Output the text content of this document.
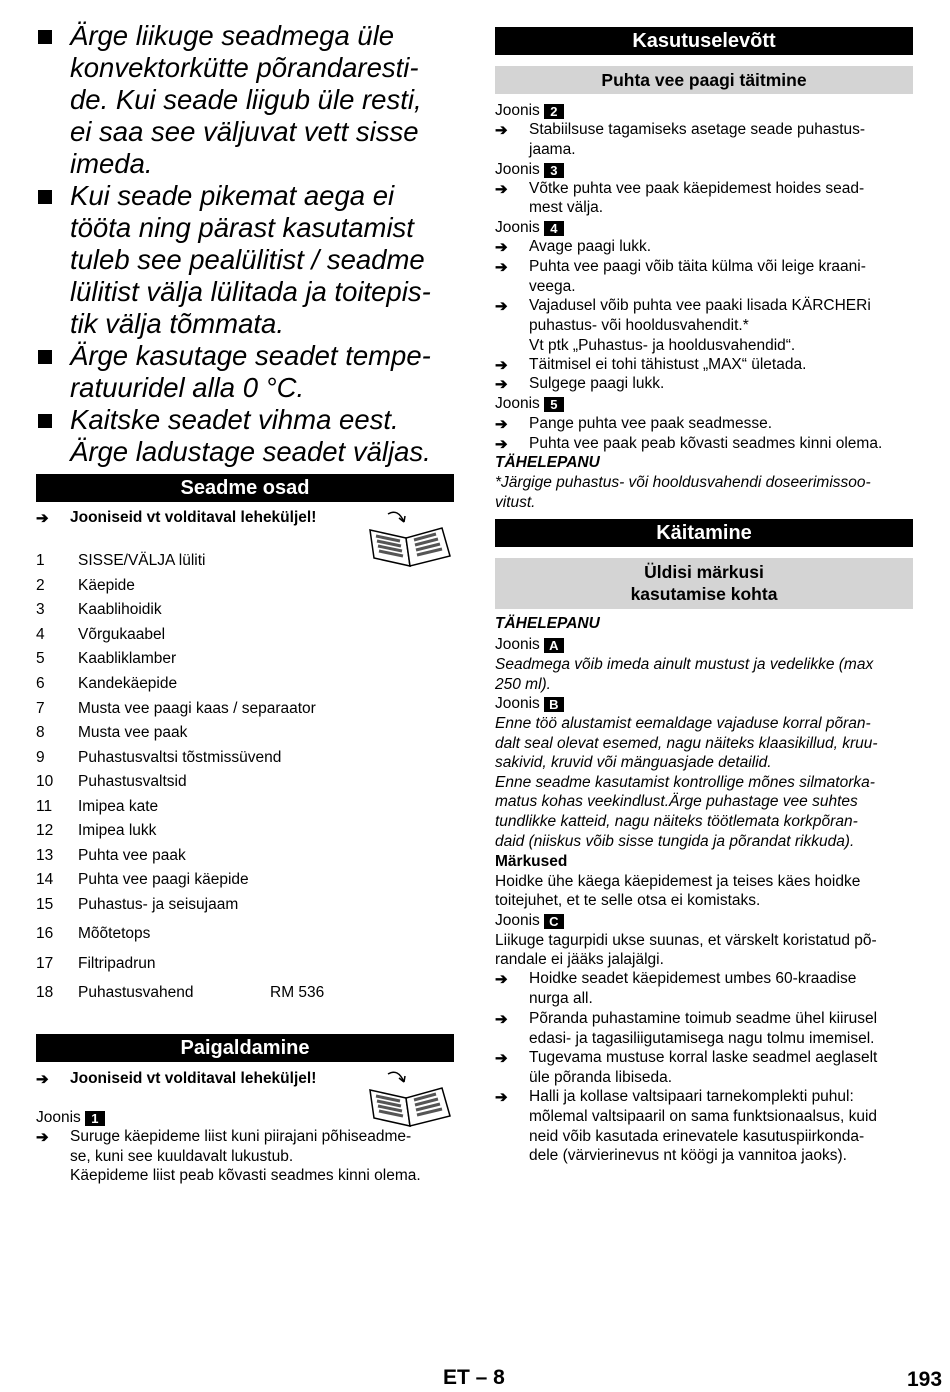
Ärge liikuge seadmega üle
konvektorkütte põrandaresti-
de. Kui seade liigub üle resti,
ei saa see väljuvat vett sisse
imeda.
Kui seade pikemat aega ei
tööta ning pärast kasutamist
tuleb see pealülitist / seadme
lülitist välja lülitada ja toitepis-
tik välja tõmmata.
Ärge kasutage seadet tempe-
ratuuridel alla 0 °C.
Kaitske seadet vihma eest.
Ärge ladustage seadet väljas.
Seadme osad
➔ Jooniseid vt volditaval leheküljel!
1 SISSE/VÄLJA lüliti
2 Käepide
3 Kaablihoidik
4 Võrgukaabel
5 Kaabliklamber
6 Kandekäepide
7 Musta vee paagi kaas / separaator
8 Musta vee paak
9 Puhastusvaltsi tõstmissüvend
10 Puhastusvaltsid
11 Imipea kate
12 Imipea lukk
13 Puhta vee paak
14 Puhta vee paagi käepide
15 Puhastus- ja seisujaam
16 Mõõtetops
17 Filtripadrun
18 Puhastusvahend	RM 536
Paigaldamine
➔ Jooniseid vt volditaval leheküljel!
Joonis 1
➔ Suruge käepideme liist kuni piirajani põhiseadme-
se, kuni see kuuldavalt lukustub.
Käepideme liist peab kõvasti seadmes kinni olema.
Kasutuselevõtt
Puhta vee paagi täitmine
Joonis 2
➔ Stabiilsuse tagamiseks asetage seade puhastus-
jaama.
Joonis 3
➔ Võtke puhta vee paak käepidemest hoides sead-
mest välja.
Joonis 4
➔ Avage paagi lukk.
➔ Puhta vee paagi võib täita külma või leige kraani-
veega.
➔ Vajadusel võib puhta vee paaki lisada KÄRCHERi
puhastus- või hooldusvahendit.*
Vt ptk „Puhastus- ja hooldusvahendid“.
➔ Täitmisel ei tohi tähistust „MAX“ ületada.
➔ Sulgege paagi lukk.
Joonis 5
➔ Pange puhta vee paak seadmesse.
➔ Puhta vee paak peab kõvasti seadmes kinni olema.
TÄHELEPANU
*Järgige puhastus- või hooldusvahendi doseerimissoo-
vitust.
Käitamine
Üldisi märkusi
kasutamise kohta
TÄHELEPANU
Joonis A
Seadmega võib imeda ainult mustust ja vedelikke (max
250 ml).
Joonis B
Enne töö alustamist eemaldage vajaduse korral põran-
dalt seal olevat esemed, nagu näiteks klaasikillud, kruu-
sakivid, kruvid või mänguasjade detailid.
Enne seadme kasutamist kontrollige mõnes silmatorka-
matus kohas veekindlust.Ärge puhastage vee suhtes
tundlikke katteid, nagu näiteks töötlemata korkpõran-
daid (niiskus võib sisse tungida ja põrandat rikkuda).
Märkused
Hoidke ühe käega käepidemest ja teises käes hoidke
toitejuhet, et te selle otsa ei komistaks.
Joonis C
Liikuge tagurpidi ukse suunas, et värskelt koristatud põ-
randale ei jääks jalajälgi.
➔ Hoidke seadet käepidemest umbes 60-kraadise
nurga all.
➔ Põranda puhastamine toimub seadme ühel kiirusel
edasi- ja tagasiliigutamisega nagu tolmu imemisel.
➔ Tugevama mustuse korral laske seadmel aeglaselt
üle põranda libiseda.
➔ Halli ja kollase valtsipaari tarnekomplekti puhul:
mõlemal valtsipaaril on sama funktsionaalsus, kuid
neid võib kasutada erinevatele kasutuspiirkonda-
dele (värvierinevus nt köögi ja vannitoa jaoks).
ET – 8	193
